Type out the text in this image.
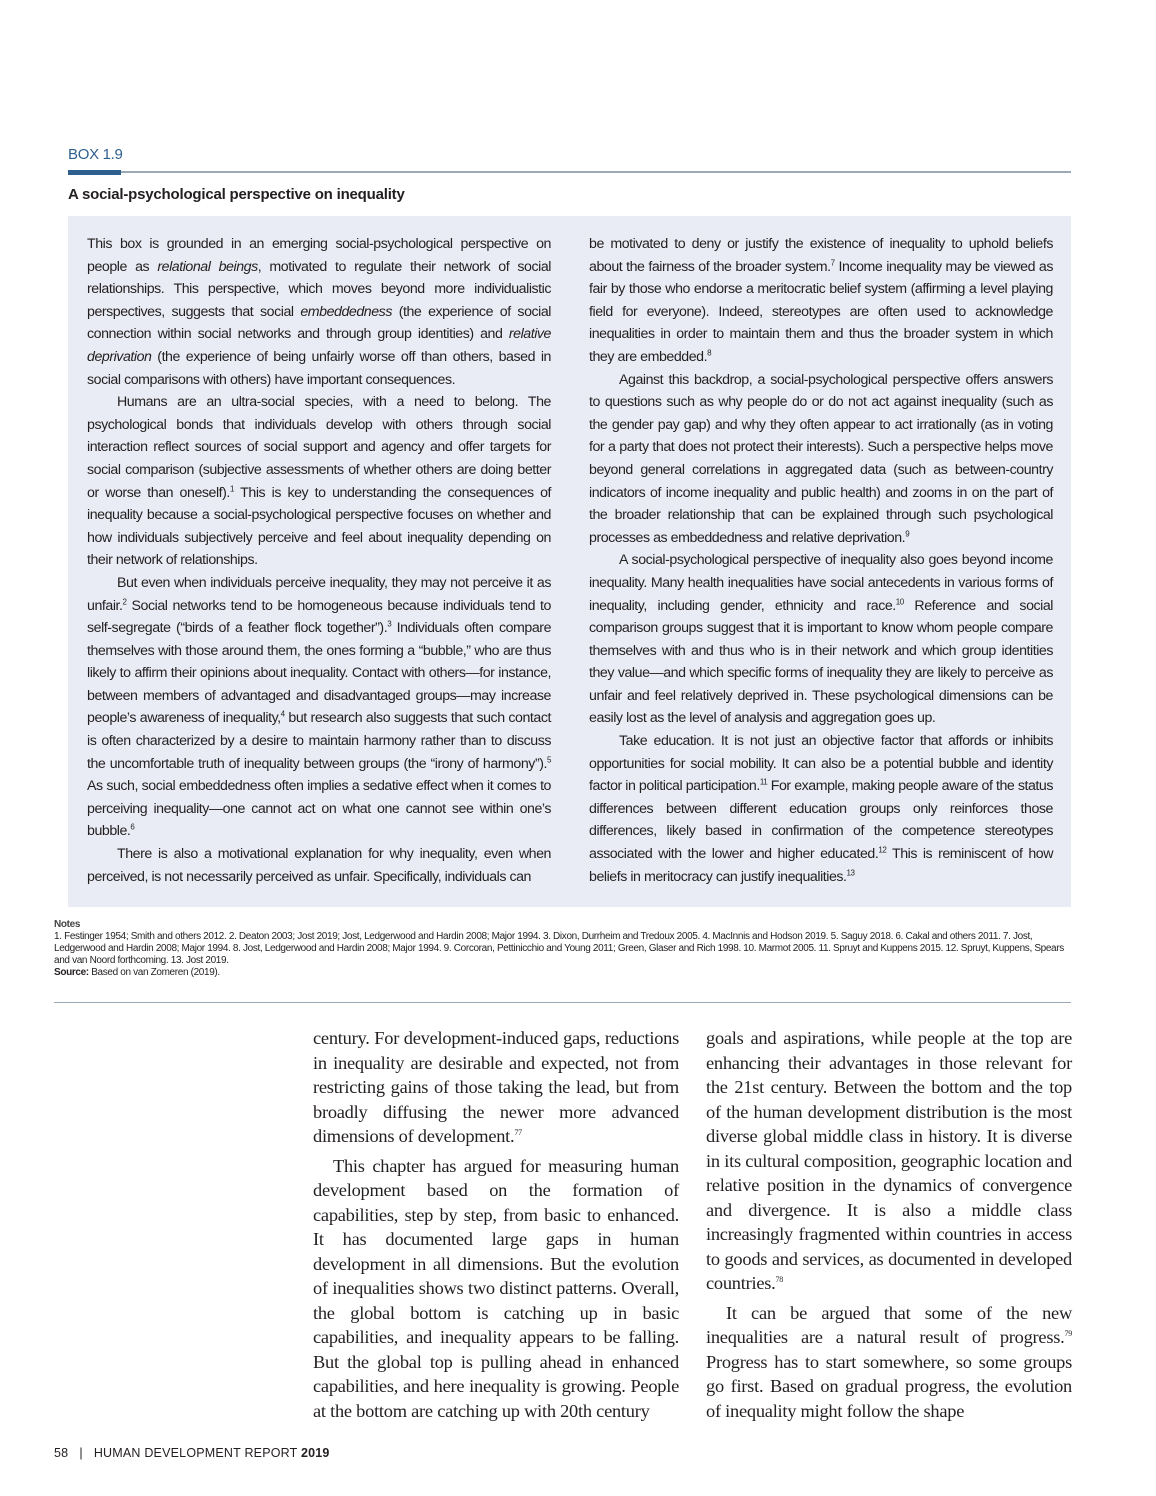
BOX 1.9
A social-psychological perspective on inequality

This box is grounded in an emerging social-psychological perspective on people as relational beings, motivated to regulate their network of social relationships. This perspective, which moves beyond more individualistic perspectives, suggests that social embeddedness (the experience of social connection within social networks and through group identities) and relative deprivation (the experience of being unfairly worse off than others, based in social comparisons with others) have important consequences.

Humans are an ultra-social species, with a need to belong. The psychological bonds that individuals develop with others through social interaction reflect sources of social support and agency and offer targets for social comparison (subjective assessments of whether others are doing better or worse than oneself).$^1$ This is key to understanding the consequences of inequality because a social-psychological perspective focuses on whether and how individuals subjectively perceive and feel about inequality depending on their network of relationships.

But even when individuals perceive inequality, they may not perceive it as unfair.$^2$ Social networks tend to be homogeneous because individuals tend to self-segregate (“birds of a feather flock together”).$^3$ Individuals often compare themselves with those around them, the ones forming a “bubble,” who are thus likely to affirm their opinions about inequality. Contact with others—for instance, between members of advantaged and disadvantaged groups—may increase people’s awareness of inequality,$^4$ but research also suggests that such contact is often characterized by a desire to maintain harmony rather than to discuss the uncomfortable truth of inequality between groups (the “irony of harmony”).$^5$ As such, social embeddedness often implies a sedative effect when it comes to perceiving inequality—one cannot act on what one cannot see within one’s bubble.$^6$

There is also a motivational explanation for why inequality, even when perceived, is not necessarily perceived as unfair. Specifically, individuals can

be motivated to deny or justify the existence of inequality to uphold beliefs about the fairness of the broader system.$^7$ Income inequality may be viewed as fair by those who endorse a meritocratic belief system (affirming a level playing field for everyone). Indeed, stereotypes are often used to acknowledge inequalities in order to maintain them and thus the broader system in which they are embedded.$^8$

Against this backdrop, a social-psychological perspective offers answers to questions such as why people do or do not act against inequality (such as the gender pay gap) and why they often appear to act irrationally (as in voting for a party that does not protect their interests). Such a perspective helps move beyond general correlations in aggregated data (such as between-country indicators of income inequality and public health) and zooms in on the part of the broader relationship that can be explained through such psychological processes as embeddedness and relative deprivation.$^9$

A social-psychological perspective of inequality also goes beyond income inequality. Many health inequalities have social antecedents in various forms of inequality, including gender, ethnicity and race.$^{10}$ Reference and social comparison groups suggest that it is important to know whom people compare themselves with and thus who is in their network and which group identities they value—and which specific forms of inequality they are likely to perceive as unfair and feel relatively deprived in. These psychological dimensions can be easily lost as the level of analysis and aggregation goes up.

Take education. It is not just an objective factor that affords or inhibits opportunities for social mobility. It can also be a potential bubble and identity factor in political participation.$^{11}$ For example, making people aware of the status differences between different education groups only reinforces those differences, likely based in confirmation of the competence stereotypes associated with the lower and higher educated.$^{12}$ This is reminiscent of how beliefs in meritocracy can justify inequalities.$^{13}$

Notes
1. Festinger 1954; Smith and others 2012. 2. Deaton 2003; Jost 2019; Jost, Ledgerwood and Hardin 2008; Major 1994. 3. Dixon, Durrheim and Tredoux 2005. 4. MacInnis and Hodson 2019. 5. Saguy 2018. 6. Cakal and others 2011. 7. Jost, Ledgerwood and Hardin 2008; Major 1994. 8. Jost, Ledgerwood and Hardin 2008; Major 1994. 9. Corcoran, Pettinicchio and Young 2011; Green, Glaser and Rich 1998. 10. Marmot 2005. 11. Spruyt and Kuppens 2015. 12. Spruyt, Kuppens, Spears and van Noord forthcoming. 13. Jost 2019.
Source: Based on van Zomeren (2019).

century. For development-induced gaps, reductions in inequality are desirable and expected, not from restricting gains of those taking the lead, but from broadly diffusing the newer more advanced dimensions of development.$^{77}$

This chapter has argued for measuring human development based on the formation of capabilities, step by step, from basic to enhanced. It has documented large gaps in human development in all dimensions. But the evolution of inequalities shows two distinct patterns. Overall, the global bottom is catching up in basic capabilities, and inequality appears to be falling. But the global top is pulling ahead in enhanced capabilities, and here inequality is growing. People at the bottom are catching up with 20th century

goals and aspirations, while people at the top are enhancing their advantages in those relevant for the 21st century. Between the bottom and the top of the human development distribution is the most diverse global middle class in history. It is diverse in its cultural composition, geographic location and relative position in the dynamics of convergence and divergence. It is also a middle class increasingly fragmented within countries in access to goods and services, as documented in developed countries.$^{78}$

It can be argued that some of the new inequalities are a natural result of progress.$^{79}$ Progress has to start somewhere, so some groups go first. Based on gradual progress, the evolution of inequality might follow the shape

58 | HUMAN DEVELOPMENT REPORT 2019
